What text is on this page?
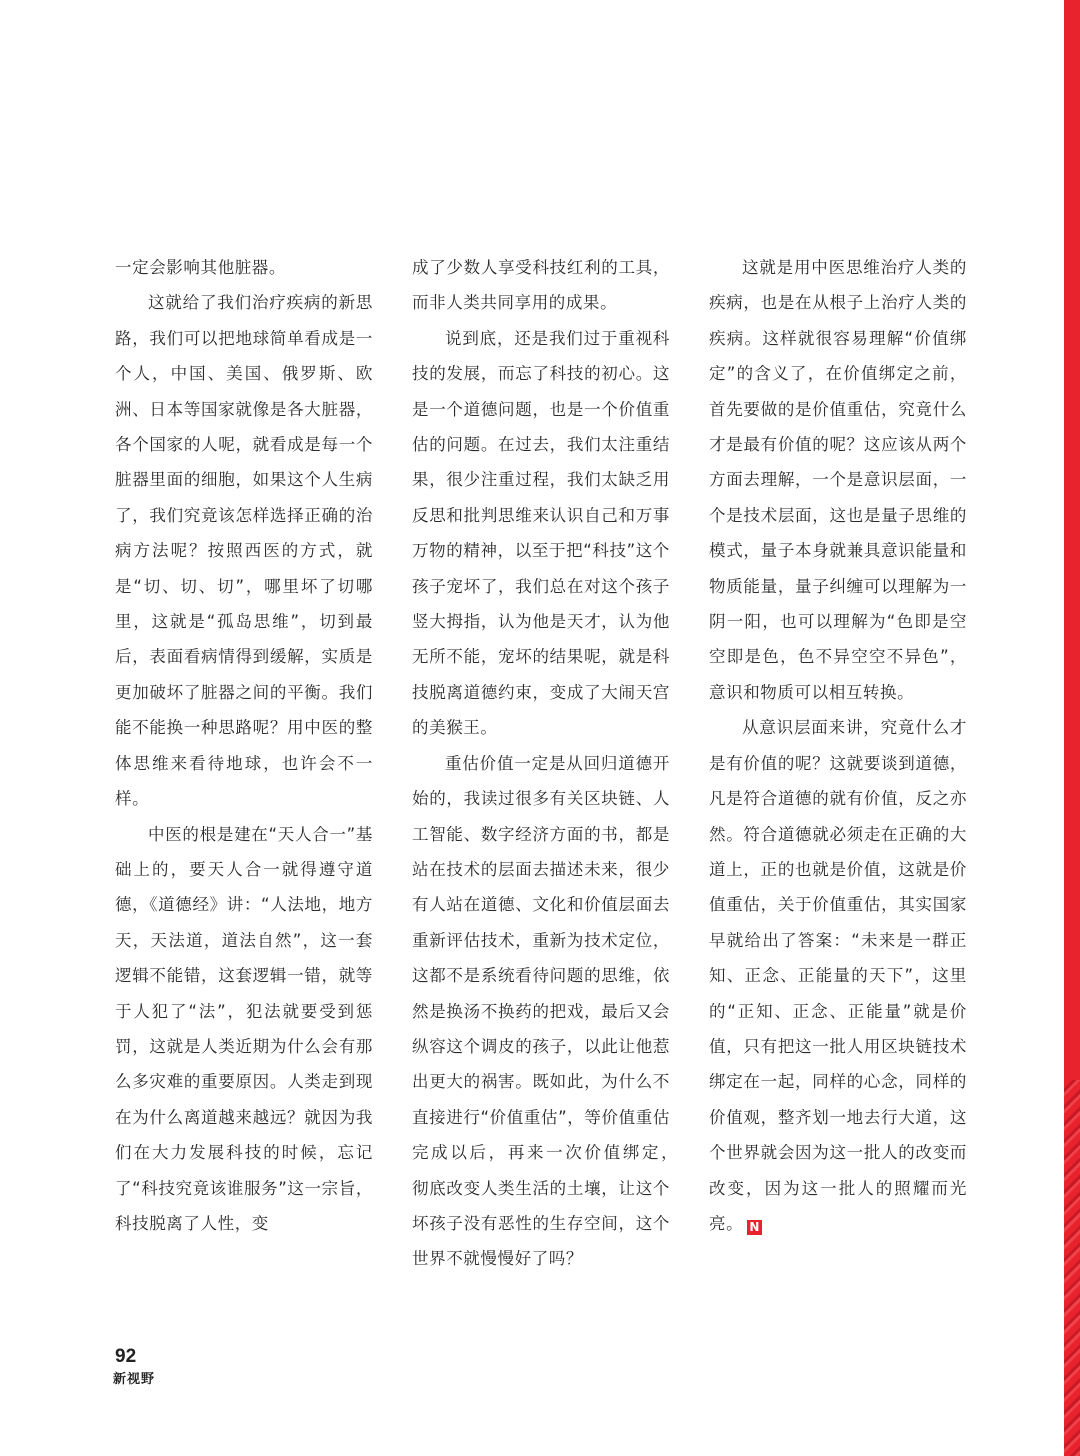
一定会影响其他脏器。

这就给了我们治疗疾病的新思路，我们可以把地球简单看成是一个人，中国、美国、俄罗斯、欧洲、日本等国家就像是各大脏器，各个国家的人呢，就看成是每一个脏器里面的细胞，如果这个人生病了，我们究竟该怎样选择正确的治病方法呢？按照西医的方式，就是“切、切、切”，哪里坏了切哪里，这就是“孤岛思维”，切到最后，表面看病情得到缓解，实质是更加破坏了脏器之间的平衡。我们能不能换一种思路呢？用中医的整体思维来看待地球，也许会不一样。

中医的根是建在“天人合一”基础上的，要天人合一就得遵守道德，《道德经》讲：“人法地，地方天，天法道，道法自然”，这一套逻辑不能错，这套逻辑一错，就等于人犯了“法”，犯法就要受到惩罚，这就是人类近期为什么会有那么多灾难的重要原因。人类走到现在为什么离道越来越远？就因为我们在大力发展科技的时候，忘记了“科技究竟该谁服务”这一宗旨，科技脱离了人性，变

成了少数人享受科技红利的工具，而非人类共同享用的成果。

说到底，还是我们过于重视科技的发展，而忘了科技的初心。这是一个道德问题，也是一个价值重估的问题。在过去，我们太注重结果，很少注重过程，我们太缺乏用反思和批判思维来认识自己和万事万物的精神，以至于把“科技”这个孩子宠坏了，我们总在对这个孩子竖大拇指，认为他是天才，认为他无所不能，宠坏的结果呢，就是科技脱离道德约束，变成了大闹天宫的美猴王。

重估价值一定是从回归道德开始的，我读过很多有关区块链、人工智能、数字经济方面的书，都是站在技术的层面去描述未来，很少有人站在道德、文化和价值层面去重新评估技术，重新为技术定位，这都不是系统看待问题的思维，依然是换汤不换药的把戏，最后又会纵容这个调皮的孩子，以此让他惹出更大的祸害。既如此，为什么不直接进行“价值重估”，等价值重估完成以后，再来一次价值绑定，　彻底改变人类生活的土壤，让这个坏孩子没有恶性的生存空间，这个世界不就慢慢好了吗？

这就是用中医思维治疗人类的疾病，也是在从根子上治疗人类的疾病。这样就很容易理解“价值绑定”的含义了，在价值绑定之前，首先要做的是价值重估，究竟什么才是最有价值的呢？这应该从两个方面去理解，一个是意识层面，一个是技术层面，这也是量子思维的模式，量子本身就兼具意识能量和物质能量，量子纠缠可以理解为一阴一阳，也可以理解为“色即是空空即是色，色不异空空不异色”，意识和物质可以相互转换。

从意识层面来讲，究竟什么才是有价值的呢？这就要谈到道德，凡是符合道德的就有价值，反之亦然。符合道德就必须走在正确的大道上，正的也就是价值，这就是价值重估，关于价值重估，其实国家早就给出了答案：“未来是一群正知、正念、正能量的天下”，这里的“正知、正念、正能量”就是价值，只有把这一批人用区块链技术绑定在一起，同样的心念，同样的价值观，整齐划一地去行大道，这个世界就会因为这一批人的改变而改变，因为这一批人的照耀而光亮。 N

92
新视野
